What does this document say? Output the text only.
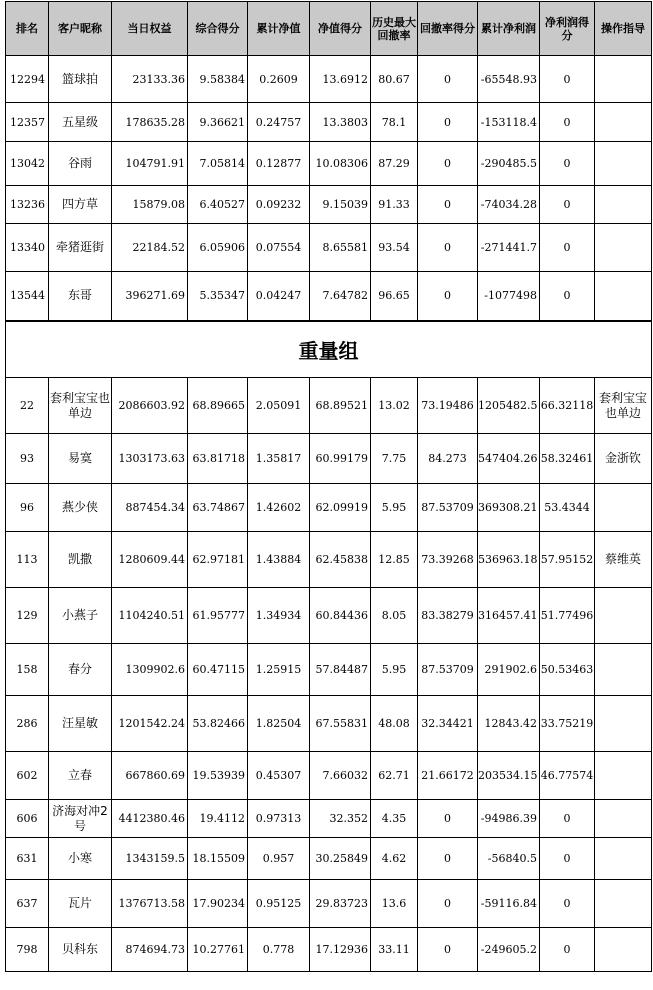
12294	篮球拍	23133.36	9.58384	0.2609	13.6912	80.67	0	-65548.93	0	
12357	五星级	178635.28	9.36621	0.24757	13.3803	78.1	0	-153118.4	0	
13042	谷雨	104791.91	7.05814	0.12877	10.08306	87.29	0	-290485.5	0	
13236	四方草	15879.08	6.40527	0.09232	9.15039	91.33	0	-74034.28	0	
13340	牵猪逛街	22184.52	6.05906	0.07554	8.65581	93.54	0	-271441.7	0	
13544	东哥	396271.69	5.35347	0.04247	7.64782	96.65	0	-1077498	0	
重量组										
排名	客户昵称	当日权益	综合得分	累计净值	净值得分	历史最大回撤率	回撤率得分	累计净利润	净利润得分	操作指导
22	套利宝宝也单边	2086603.92	68.89665	2.05091	68.89521	13.02	73.19486	1205482.5	66.32118	套利宝宝也单边
93	易寞	1303173.63	63.81718	1.35817	60.99179	7.75	84.273	547404.26	58.32461	金浙钦
96	燕少侠	887454.34	63.74867	1.42602	62.09919	5.95	87.53709	369308.21	53.4344	
113	凯撒	1280609.44	62.97181	1.43884	62.45838	12.85	73.39268	536963.18	57.95152	蔡维英
129	小燕子	1104240.51	61.95777	1.34934	60.84436	8.05	83.38279	316457.41	51.77496	
158	春分	1309902.6	60.47115	1.25915	57.84487	5.95	87.53709	291902.6	50.53463	
286	汪星敏	1201542.24	53.82466	1.82504	67.55831	48.08	32.34421	12843.42	33.75219	
602	立春	667860.69	19.53939	0.45307	7.66032	62.71	21.66172	203534.15	46.77574	
606	济海对冲2号	4412380.46	19.4112	0.97313	32.352	4.35	0	-94986.39	0	
631	小寒	1343159.5	18.15509	0.957	30.25849	4.62	0	-56840.5	0	
637	瓦片	1376713.58	17.90234	0.95125	29.83723	13.6	0	-59116.84	0	
798	贝科东	874694.73	10.27761	0.778	17.12936	33.11	0	-249605.2	0	
